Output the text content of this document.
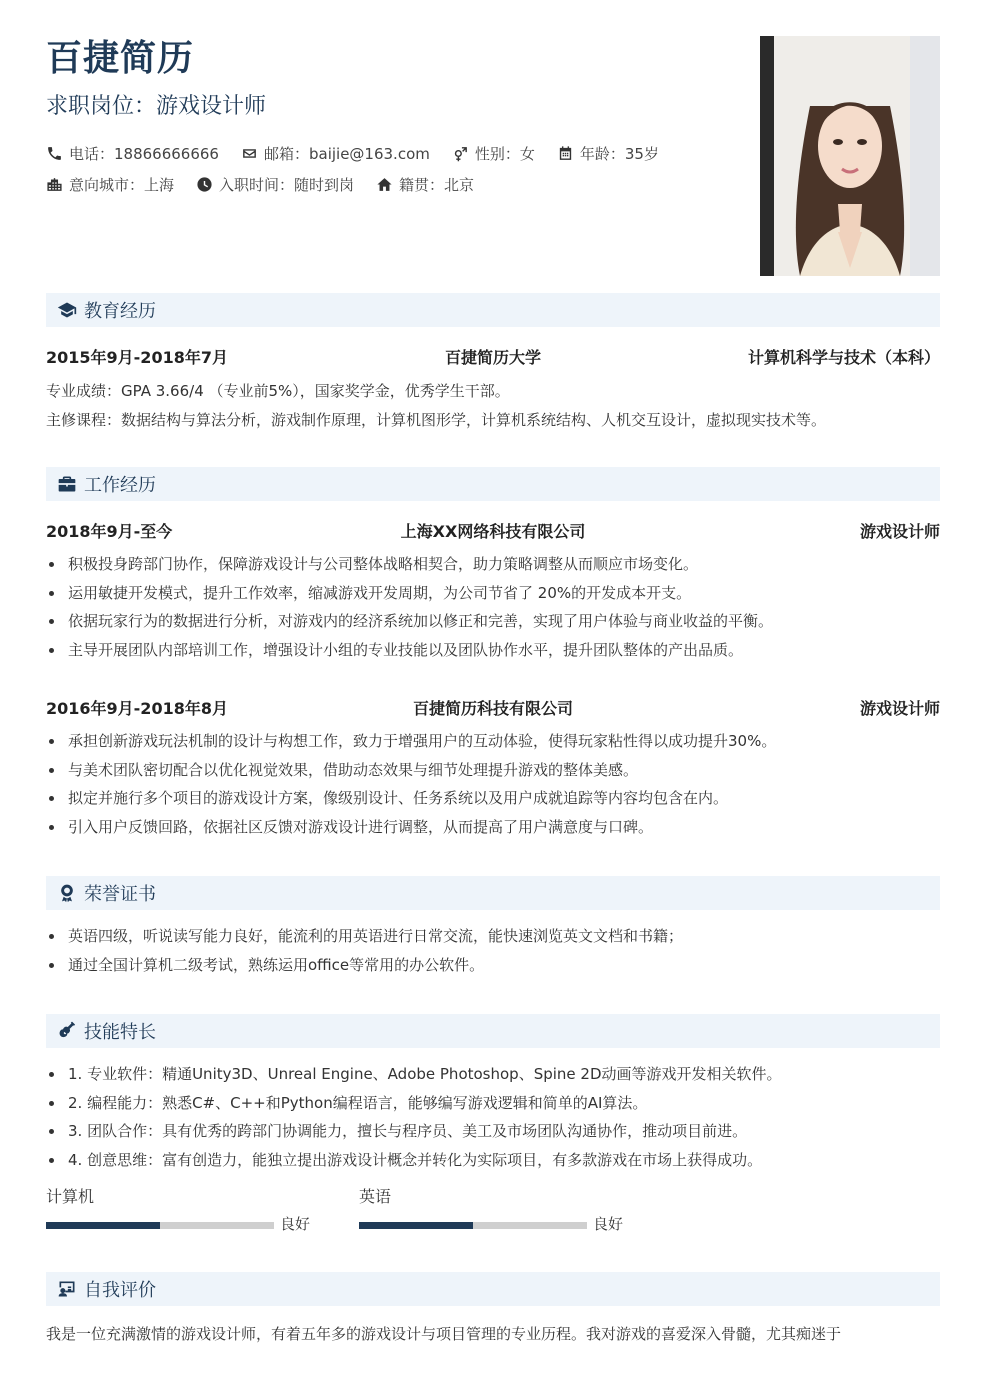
百捷简历
求职岗位：游戏设计师
电话：18866666666	邮箱：baijie@163.com	性别：女	年龄：35岁
意向城市：上海	入职时间：随时到岗	籍贯：北京
教育经历
2015年9月-2018年7月	百捷简历大学	计算机科学与技术（本科）
专业成绩：GPA 3.66/4 （专业前5%），国家奖学金，优秀学生干部。
主修课程：数据结构与算法分析，游戏制作原理，计算机图形学，计算机系统结构、人机交互设计，虚拟现实技术等。
工作经历
2018年9月-至今	上海XX网络科技有限公司	游戏设计师
积极投身跨部门协作，保障游戏设计与公司整体战略相契合，助力策略调整从而顺应市场变化。
运用敏捷开发模式，提升工作效率，缩减游戏开发周期，为公司节省了 20%的开发成本开支。
依据玩家行为的数据进行分析，对游戏内的经济系统加以修正和完善，实现了用户体验与商业收益的平衡。
主导开展团队内部培训工作，增强设计小组的专业技能以及团队协作水平，提升团队整体的产出品质。
2016年9月-2018年8月	百捷简历科技有限公司	游戏设计师
承担创新游戏玩法机制的设计与构想工作，致力于增强用户的互动体验，使得玩家粘性得以成功提升30%。
与美术团队密切配合以优化视觉效果，借助动态效果与细节处理提升游戏的整体美感。
拟定并施行多个项目的游戏设计方案，像级别设计、任务系统以及用户成就追踪等内容均包含在内。
引入用户反馈回路，依据社区反馈对游戏设计进行调整，从而提高了用户满意度与口碑。
荣誉证书
英语四级，听说读写能力良好，能流利的用英语进行日常交流，能快速浏览英文文档和书籍；
通过全国计算机二级考试，熟练运用office等常用的办公软件。
技能特长
1. 专业软件：精通Unity3D、Unreal Engine、Adobe Photoshop、Spine 2D动画等游戏开发相关软件。
2. 编程能力：熟悉C#、C++和Python编程语言，能够编写游戏逻辑和简单的AI算法。
3. 团队合作：具有优秀的跨部门协调能力，擅长与程序员、美工及市场团队沟通协作，推动项目前进。
4. 创意思维：富有创造力，能独立提出游戏设计概念并转化为实际项目，有多款游戏在市场上获得成功。
计算机
良好
英语
良好
自我评价
我是一位充满激情的游戏设计师，有着五年多的游戏设计与项目管理的专业历程。我对游戏的喜爱深入骨髓，尤其痴迷于
